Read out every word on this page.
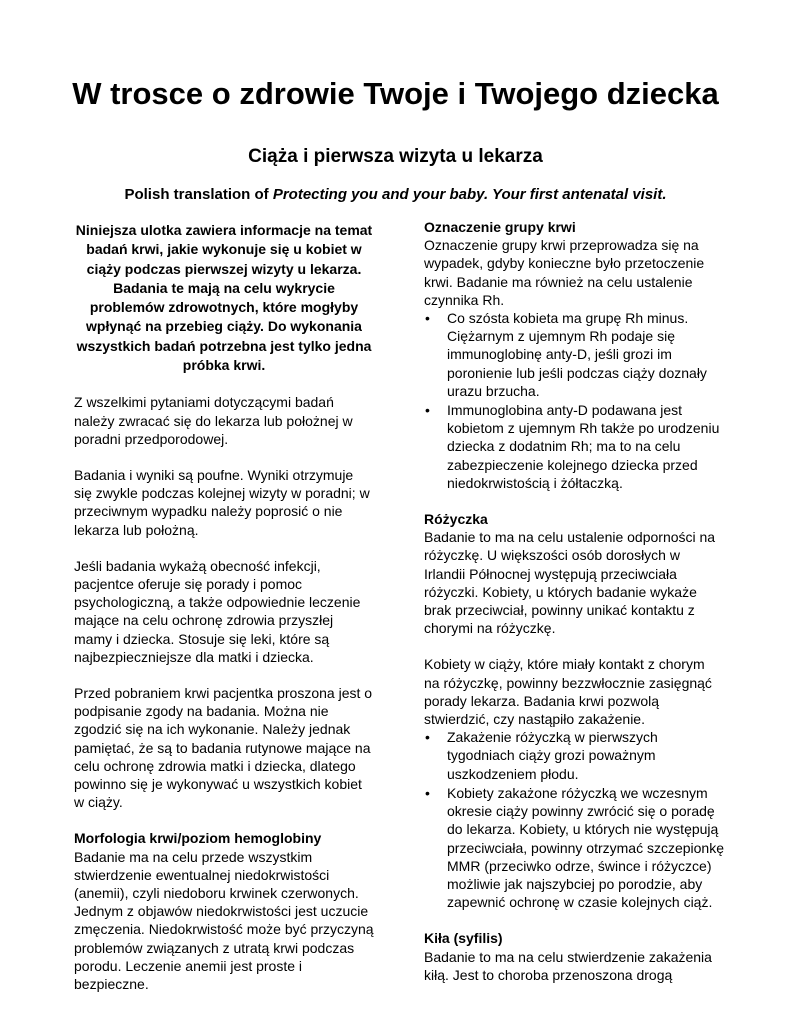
W trosce o zdrowie Twoje i Twojego dziecka
Ciąża i pierwsza wizyta u lekarza

Polish translation of Protecting you and your baby. Your first antenatal visit.

Niniejsza ulotka zawiera informacje na temat badań krwi, jakie wykonuje się u kobiet w ciąży podczas pierwszej wizyty u lekarza. Badania te mają na celu wykrycie problemów zdrowotnych, które mogłyby wpłynąć na przebieg ciąży. Do wykonania wszystkich badań potrzebna jest tylko jedna próbka krwi.

Z wszelkimi pytaniami dotyczącymi badań należy zwracać się do lekarza lub położnej w poradni przedporodowej.

Badania i wyniki są poufne. Wyniki otrzymuje się zwykle podczas kolejnej wizyty w poradni; w przeciwnym wypadku należy poprosić o nie lekarza lub położną.

Jeśli badania wykażą obecność infekcji, pacjentce oferuje się porady i pomoc psychologiczną, a także odpowiednie leczenie mające na celu ochronę zdrowia przyszłej mamy i dziecka. Stosuje się leki, które są najbezpieczniejsze dla matki i dziecka.

Przed pobraniem krwi pacjentka proszona jest o podpisanie zgody na badania. Można nie zgodzić się na ich wykonanie. Należy jednak pamiętać, że są to badania rutynowe mające na celu ochronę zdrowia matki i dziecka, dlatego powinno się je wykonywać u wszystkich kobiet w ciąży.

Morfologia krwi/poziom hemoglobiny

Badanie ma na celu przede wszystkim stwierdzenie ewentualnej niedokrwistości (anemii), czyli niedoboru krwinek czerwonych. Jednym z objawów niedokrwistości jest uczucie zmęczenia. Niedokrwistość może być przyczyną problemów związanych z utratą krwi podczas porodu. Leczenie anemii jest proste i bezpieczne.

Oznaczenie grupy krwi

Oznaczenie grupy krwi przeprowadza się na wypadek, gdyby konieczne było przetoczenie krwi. Badanie ma również na celu ustalenie czynnika Rh.

• Co szósta kobieta ma grupę Rh minus. Ciężarnym z ujemnym Rh podaje się immunoglobinę anty-D, jeśli grozi im poronienie lub jeśli podczas ciąży doznały urazu brzucha.
• Immunoglobina anty-D podawana jest kobietom z ujemnym Rh także po urodzeniu dziecka z dodatnim Rh; ma to na celu zabezpieczenie kolejnego dziecka przed niedokrwistością i żółtaczką.

Różyczka

Badanie to ma na celu ustalenie odporności na różyczkę. U większości osób dorosłych w Irlandii Północnej występują przeciwciała różyczki. Kobiety, u których badanie wykaże brak przeciwciał, powinny unikać kontaktu z chorymi na różyczkę.

Kobiety w ciąży, które miały kontakt z chorym na różyczkę, powinny bezzwłocznie zasięgnąć porady lekarza. Badania krwi pozwolą stwierdzić, czy nastąpiło zakażenie.

• Zakażenie różyczką w pierwszych tygodniach ciąży grozi poważnym uszkodzeniem płodu.
• Kobiety zakażone różyczką we wczesnym okresie ciąży powinny zwrócić się o poradę do lekarza. Kobiety, u których nie występują przeciwciała, powinny otrzymać szczepionkę MMR (przeciwko odrze, śwince i różyczce) możliwie jak najszybciej po porodzie, aby zapewnić ochronę w czasie kolejnych ciąż.

Kiła (syfilis)

Badanie to ma na celu stwierdzenie zakażenia kiłą. Jest to choroba przenoszona drogą
